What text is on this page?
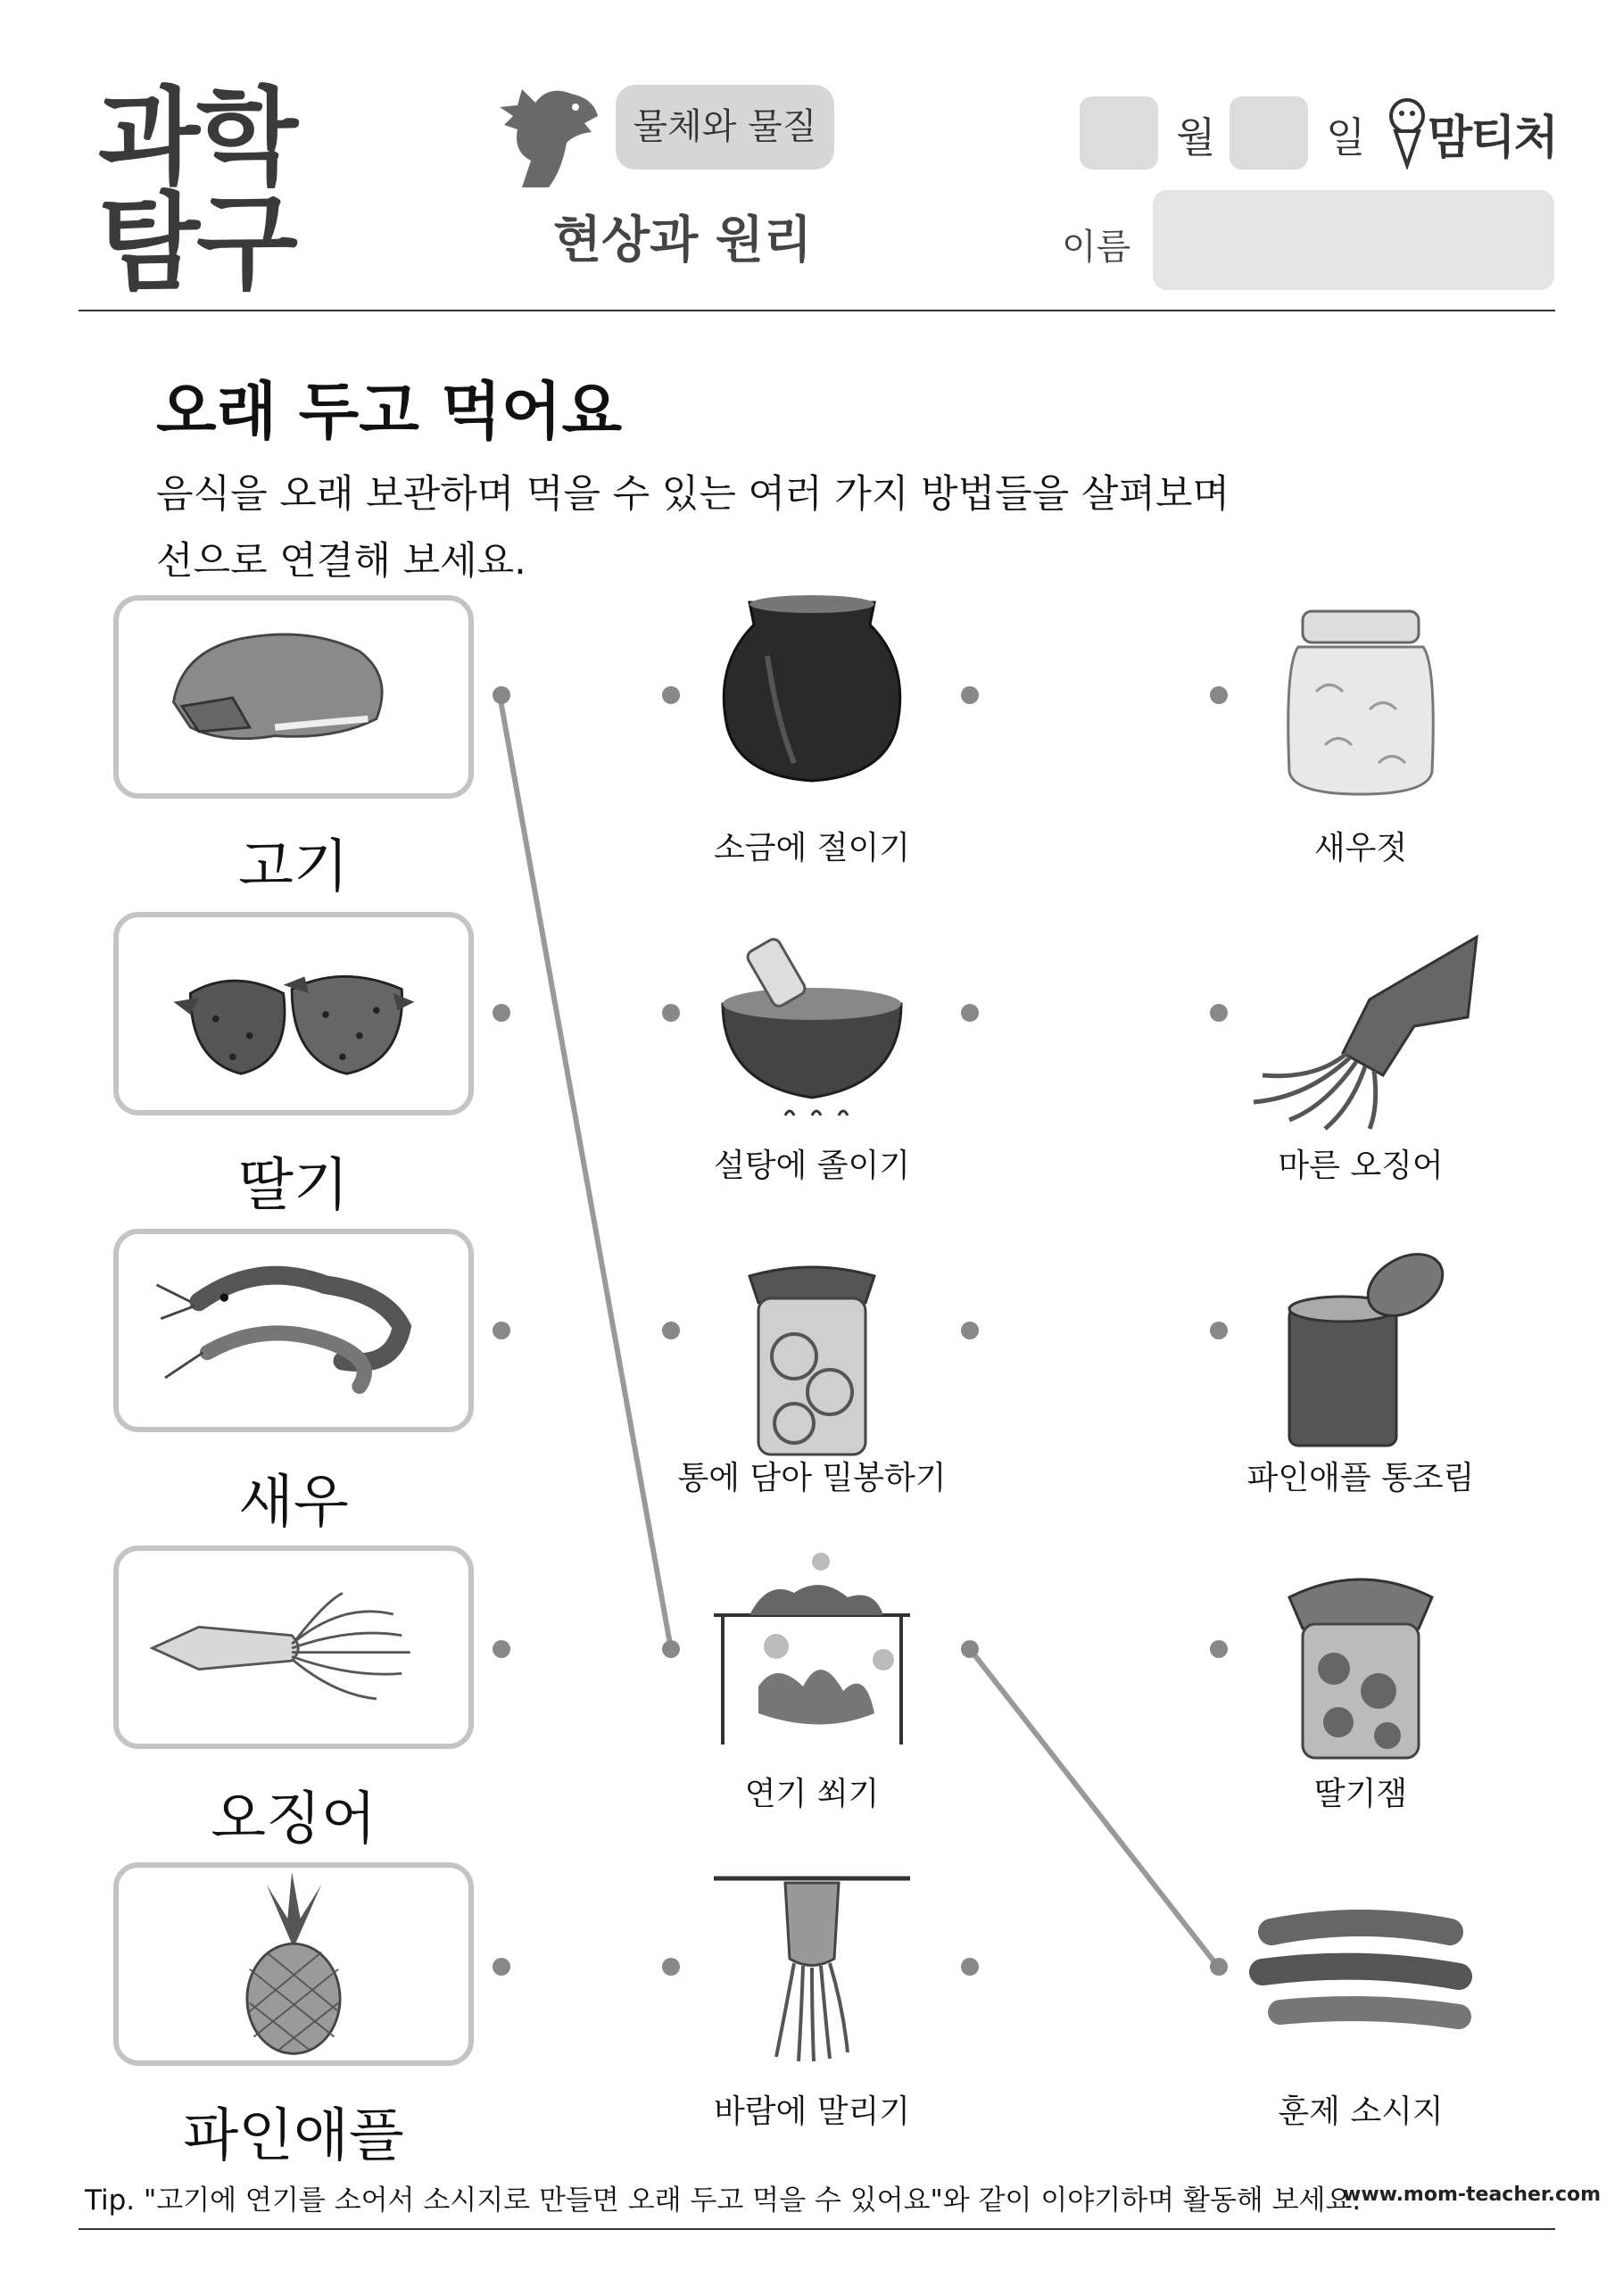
과학
탐구
물체와 물질
현상과 원리
월	일 맘티처
이름
오래 두고 먹어요
음식을 오래 보관하며 먹을 수 있는 여러 가지 방법들을 살펴보며
선으로 연결해 보세요.
고기
딸기
새우
오징어
파인애플
소금에 절이기
설탕에 졸이기
통에 담아 밀봉하기
연기 쐬기
바람에 말리기
새우젓
마른 오징어
파인애플 통조림
딸기잼
훈제 소시지
Tip. "고기에 연기를 소어서 소시지로 만들면 오래 두고 먹을 수 있어요"와 같이 이야기하며 활동해 보세요.
www.mom-teacher.com
